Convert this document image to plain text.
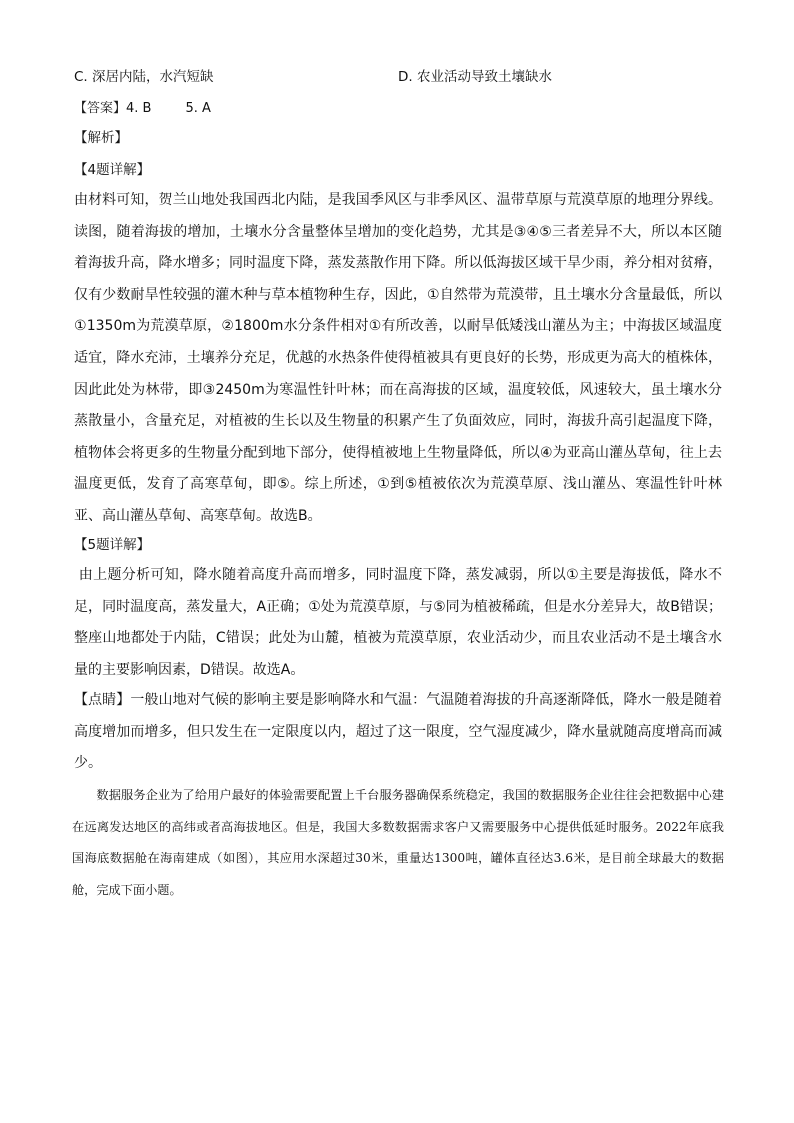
C. 深居内陆，水汽短缺	D. 农业活动导致土壤缺水
【答案】4. B	5. A
【解析】
【4题详解】
由材料可知，贺兰山地处我国西北内陆，是我国季风区与非季风区、温带草原与荒漠草原的地理分界线。读图，随着海拔的增加，土壤水分含量整体呈增加的变化趋势，尤其是③④⑤三者差异不大，所以本区随着海拔升高，降水增多；同时温度下降，蒸发蒸散作用下降。所以低海拔区域干旱少雨，养分相对贫瘠，仅有少数耐旱性较强的灌木种与草本植物种生存，因此，①自然带为荒漠带，且土壤水分含量最低，所以①1350m为荒漠草原，②1800m水分条件相对①有所改善，以耐旱低矮浅山灌丛为主；中海拔区域温度 适宜，降水充沛，土壤养分充足，优越的水热条件使得植被具有更良好的长势，形成更为高大的植株体，因此此处为林带，即③2450m为寒温性针叶林；而在高海拔的区域，温度较低，风速较大，虽土壤水分蒸散量小，含量充足，对植被的生长以及生物量的积累产生了负面效应，同时，海拔升高引起温度下降，植物体会将更多的生物量分配到地下部分，使得植被地上生物量降低，所以④为亚高山灌丛草甸，往上去温度更低，发育了高寒草甸，即⑤。综上所述，①到⑤植被依次为荒漠草原、浅山灌丛、寒温性针叶林亚、高山灌丛草甸、高寒草甸。故选B。
【5题详解】
由上题分析可知，降水随着高度升高而增多，同时温度下降，蒸发减弱，所以①主要是海拔低，降水不足，同时温度高，蒸发量大，A正确；①处为荒漠草原，与⑤同为植被稀疏，但是水分差异大，故B错误；整座山地都处于内陆，C错误；此处为山麓，植被为荒漠草原，农业活动少，而且农业活动不是土壤含水量的主要影响因素，D错误。故选A。
【点睛】一般山地对气候的影响主要是影响降水和气温：气温随着海拔的升高逐渐降低，降水一般是随着高度增加而增多，但只发生在一定限度以内，超过了这一限度，空气湿度减少，降水量就随高度增高而减少。
数据服务企业为了给用户最好的体验需要配置上千台服务器确保系统稳定，我国的数据服务企业往往会把数据中心建在远离发达地区的高纬或者高海拔地区。但是，我国大多数数据需求客户又需要服务中心提供低延时服务。2022年底我国海底数据舱在海南建成（如图），其应用水深超过30米，重量达1300吨，罐体直径达3.6米，是目前全球最大的数据舱，完成下面小题。
